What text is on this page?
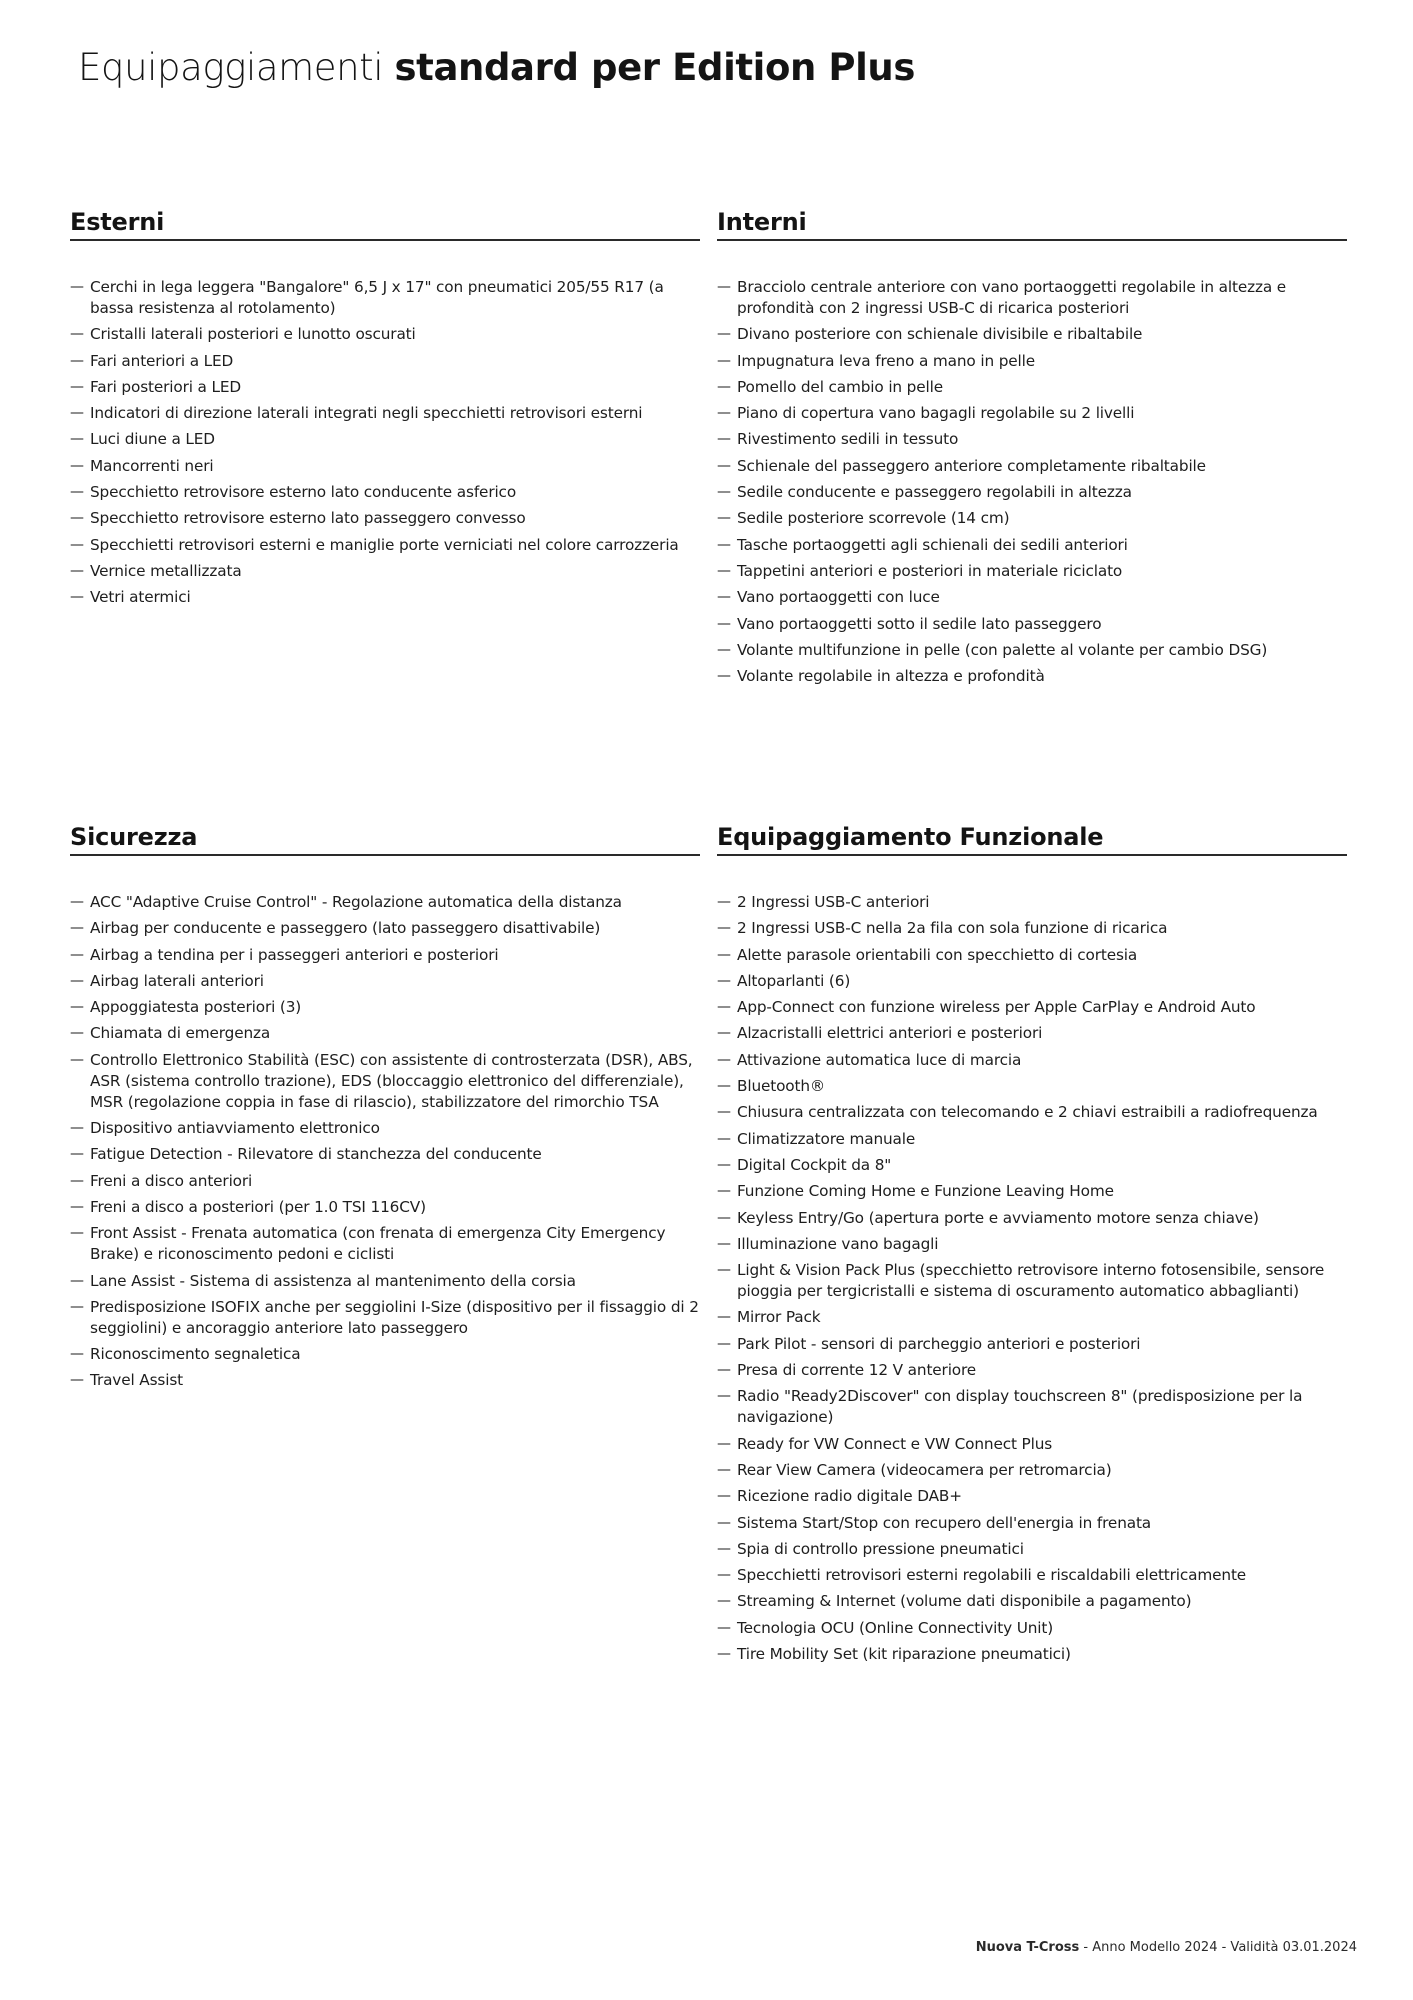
Equipaggiamenti standard per Edition Plus
Esterni
— Cerchi in lega leggera "Bangalore" 6,5 J x 17" con pneumatici 205/55 R17 (a bassa resistenza al rotolamento)
— Cristalli laterali posteriori e lunotto oscurati
— Fari anteriori a LED
— Fari posteriori a LED
— Indicatori di direzione laterali integrati negli specchietti retrovisori esterni
— Luci diune a LED
— Mancorrenti neri
— Specchietto retrovisore esterno lato conducente asferico
— Specchietto retrovisore esterno lato passeggero convesso
— Specchietti retrovisori esterni e maniglie porte verniciati nel colore carrozzeria
— Vernice metallizzata
— Vetri atermici
Interni
— Bracciolo centrale anteriore con vano portaoggetti regolabile in altezza e profondità con 2 ingressi USB-C di ricarica posteriori
— Divano posteriore con schienale divisibile e ribaltabile
— Impugnatura leva freno a mano in pelle
— Pomello del cambio in pelle
— Piano di copertura vano bagagli regolabile su 2 livelli
— Rivestimento sedili in tessuto
— Schienale del passeggero anteriore completamente ribaltabile
— Sedile conducente e passeggero regolabili in altezza
— Sedile posteriore scorrevole (14 cm)
— Tasche portaoggetti agli schienali dei sedili anteriori
— Tappetini anteriori e posteriori in materiale riciclato
— Vano portaoggetti con luce
— Vano portaoggetti sotto il sedile lato passeggero
— Volante multifunzione in pelle (con palette al volante per cambio DSG)
— Volante regolabile in altezza e profondità
Sicurezza
— ACC "Adaptive Cruise Control" - Regolazione automatica della distanza
— Airbag per conducente e passeggero (lato passeggero disattivabile)
— Airbag a tendina per i passeggeri anteriori e posteriori
— Airbag laterali anteriori
— Appoggiatesta posteriori (3)
— Chiamata di emergenza
— Controllo Elettronico Stabilità (ESC) con assistente di controsterzata (DSR), ABS, ASR (sistema controllo trazione), EDS (bloccaggio elettronico del differenziale), MSR (regolazione coppia in fase di rilascio), stabilizzatore del rimorchio TSA
— Dispositivo antiavviamento elettronico
— Fatigue Detection - Rilevatore di stanchezza del conducente
— Freni a disco anteriori
— Freni a disco a posteriori (per 1.0 TSI 116CV)
— Front Assist - Frenata automatica (con frenata di emergenza City Emergency Brake) e riconoscimento pedoni e ciclisti
— Lane Assist - Sistema di assistenza al mantenimento della corsia
— Predisposizione ISOFIX anche per seggiolini I-Size (dispositivo per il fissaggio di 2 seggiolini) e ancoraggio anteriore lato passeggero
— Riconoscimento segnaletica
— Travel Assist
Equipaggiamento Funzionale
— 2 Ingressi USB-C anteriori
— 2 Ingressi USB-C nella 2a fila con sola funzione di ricarica
— Alette parasole orientabili con specchietto di cortesia
— Altoparlanti (6)
— App-Connect con funzione wireless per Apple CarPlay e Android Auto
— Alzacristalli elettrici anteriori e posteriori
— Attivazione automatica luce di marcia
— Bluetooth®
— Chiusura centralizzata con telecomando e 2 chiavi estraibili a radiofrequenza
— Climatizzatore manuale
— Digital Cockpit da 8"
— Funzione Coming Home e Funzione Leaving Home
— Keyless Entry/Go (apertura porte e avviamento motore senza chiave)
— Illuminazione vano bagagli
— Light & Vision Pack Plus (specchietto retrovisore interno fotosensibile, sensore pioggia per tergicristalli e sistema di oscuramento automatico abbaglianti)
— Mirror Pack
— Park Pilot - sensori di parcheggio anteriori e posteriori
— Presa di corrente 12 V anteriore
— Radio "Ready2Discover" con display touchscreen 8" (predisposizione per la navigazione)
— Ready for VW Connect e VW Connect Plus
— Rear View Camera (videocamera per retromarcia)
— Ricezione radio digitale DAB+
— Sistema Start/Stop con recupero dell'energia in frenata
— Spia di controllo pressione pneumatici
— Specchietti retrovisori esterni regolabili e riscaldabili elettricamente
— Streaming & Internet (volume dati disponibile a pagamento)
— Tecnologia OCU (Online Connectivity Unit)
— Tire Mobility Set (kit riparazione pneumatici)
Nuova T-Cross - Anno Modello 2024 - Validità 03.01.2024
